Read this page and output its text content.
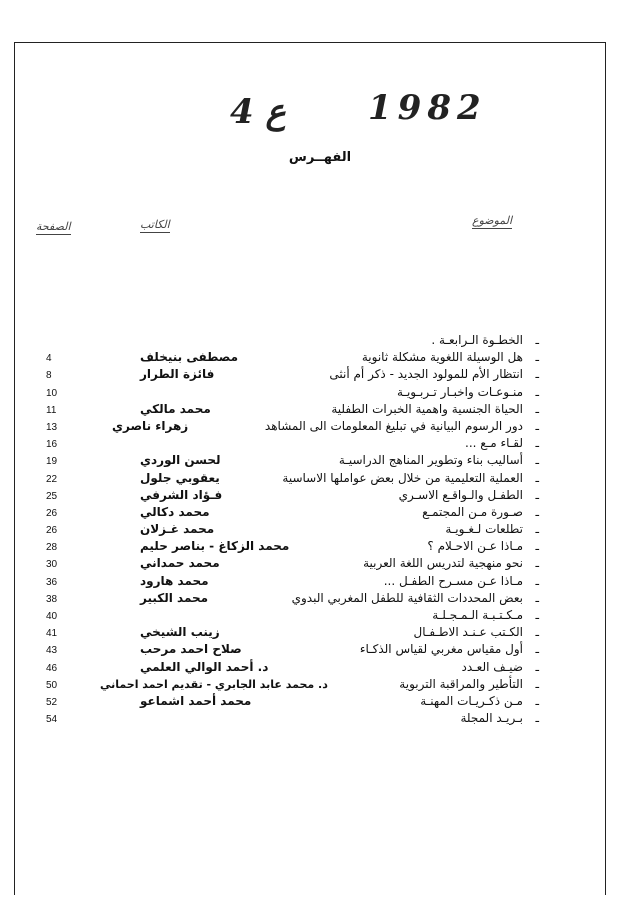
4 ع 1982
الفهــرس
الموضوع
الكاتب
الصفحة
ـ
الخطـوة الـرابعـة .
ـ
هل الوسيلة اللغوية مشكلة ثانوية
مصطفى بنيخلف
4
ـ
انتظار الأم للمولود الجديد - ذكر أم أنثى
فائزة الطرار
8
ـ
منـوعـات واخبـار تـربـويـة
10
ـ
الحياة الجنسية واهمية الخبرات الطفلية
محمد مالكي
11
ـ
دور الرسوم البيانية في تبليغ المعلومات الى المشاهد
زهراء ناصري
13
ـ
لقـاء مـع ...
16
ـ
أساليب بناء وتطوير المناهج الدراسيـة
لحسن الوردي
19
ـ
العملية التعليمية من خلال بعض عواملها الاساسية
يعقوبي جلول
22
ـ
الطفـل والـواقـع الاسـري
فـؤاد الشرفي
25
ـ
صـورة مـن المجتمـع
محمد دكالي
26
ـ
تطلعات لـغـويـة
محمد غـزلان
26
ـ
مـاذا عـن الاحـلام ؟
محمد الزكاغ - بناصر حليم
28
ـ
نحو منهجية لتدريس اللغة العربية
محمد حمداني
30
ـ
مـاذا عـن مسـرح الطفـل ...
محمد هارود
36
ـ
بعض المحددات الثقافية للطفل المغربي البدوي
محمد الكبير
38
ـ
مـكـتـبـة الـمـجـلـة
40
ـ
الكـتب عـنـد الاطـفـال
زينب الشيخي
41
ـ
أول مقياس مغربي لقياس الذكـاء
صلاح احمد مرحب
43
ـ
ضيـف العـدد
د. أحمد الوالي العلمي
46
ـ
التأطير والمراقبة التربوية
د. محمد عابد الجابري - تقديم احمد احماني
50
ـ
مـن ذكـريـات المهنـة
محمد أحمد اشماعو
52
ـ
بـريـد المجلة
54
